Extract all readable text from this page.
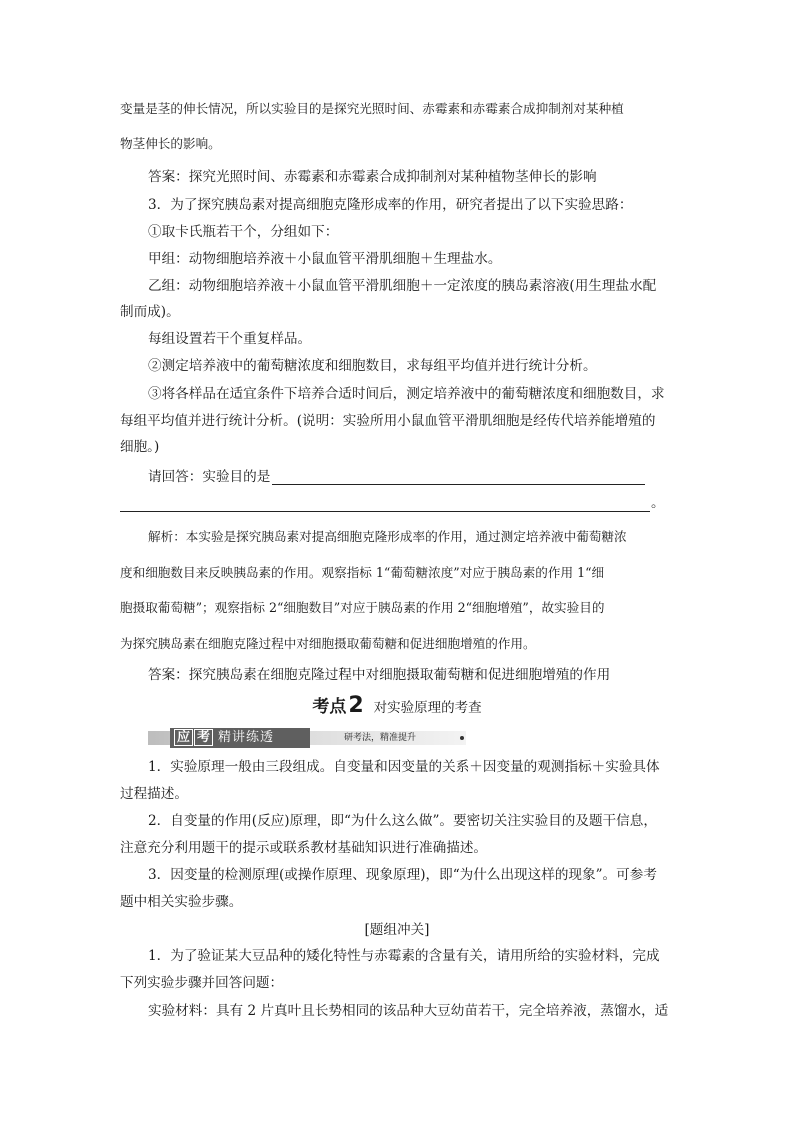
变量是茎的伸长情况，所以实验目的是探究光照时间、赤霉素和赤霉素合成抑制剂对某种植
物茎伸长的影响。
答案：探究光照时间、赤霉素和赤霉素合成抑制剂对某种植物茎伸长的影响
3．为了探究胰岛素对提高细胞克隆形成率的作用，研究者提出了以下实验思路：
①取卡氏瓶若干个，分组如下：
甲组：动物细胞培养液＋小鼠血管平滑肌细胞＋生理盐水。
乙组：动物细胞培养液＋小鼠血管平滑肌细胞＋一定浓度的胰岛素溶液(用生理盐水配
制而成)。
每组设置若干个重复样品。
②测定培养液中的葡萄糖浓度和细胞数目，求每组平均值并进行统计分析。
③将各样品在适宜条件下培养合适时间后，测定培养液中的葡萄糖浓度和细胞数目，求
每组平均值并进行统计分析。(说明：实验所用小鼠血管平滑肌细胞是经传代培养能增殖的
细胞。)
请回答：实验目的是
。
解析：本实验是探究胰岛素对提高细胞克隆形成率的作用，通过测定培养液中葡萄糖浓
度和细胞数目来反映胰岛素的作用。观察指标 1“葡萄糖浓度”对应于胰岛素的作用 1“细
胞摄取葡萄糖”；观察指标 2“细胞数目”对应于胰岛素的作用 2“细胞增殖”，故实验目的
为探究胰岛素在细胞克隆过程中对细胞摄取葡萄糖和促进细胞增殖的作用。
答案：探究胰岛素在细胞克隆过程中对细胞摄取葡萄糖和促进细胞增殖的作用
考点2 对实验原理的考查
应 考 精讲练透	研考法，精准提升
1．实验原理一般由三段组成。自变量和因变量的关系＋因变量的观测指标＋实验具体
过程描述。
2．自变量的作用(反应)原理，即“为什么这么做”。要密切关注实验目的及题干信息，
注意充分利用题干的提示或联系教材基础知识进行准确描述。
3．因变量的检测原理(或操作原理、现象原理)，即“为什么出现这样的现象”。可参考
题中相关实验步骤。
[题组冲关]
1．为了验证某大豆品种的矮化特性与赤霉素的含量有关，请用所给的实验材料，完成
下列实验步骤并回答问题：
实验材料：具有 2 片真叶且长势相同的该品种大豆幼苗若干，完全培养液，蒸馏水，适
